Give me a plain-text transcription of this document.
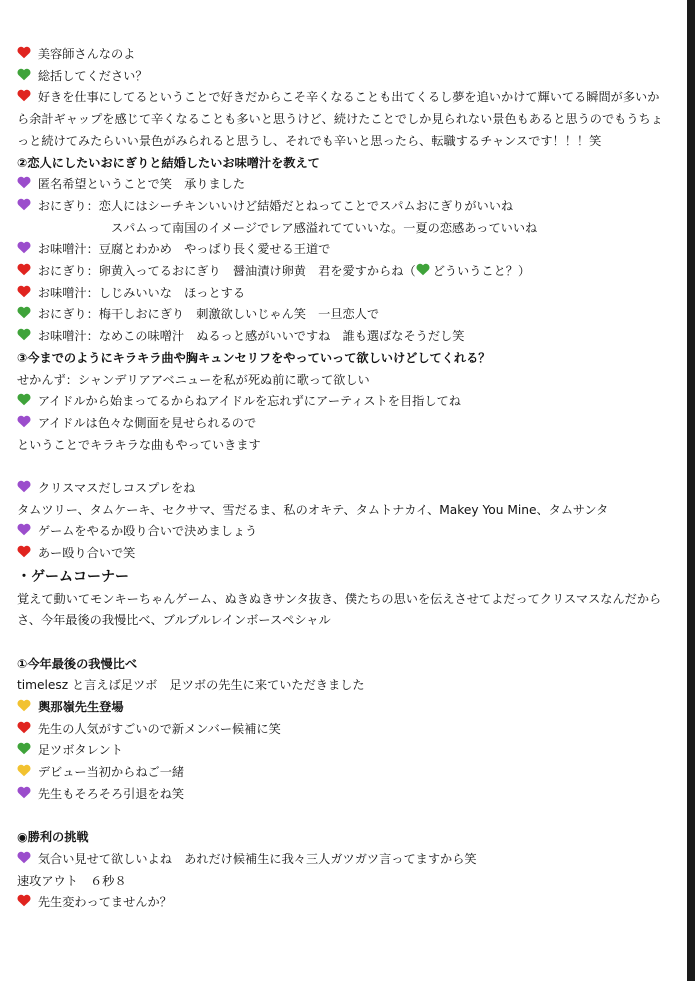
美容師さんなのよ

総括してください？

好きを仕事にしてるということで好きだからこそ辛くなることも出てくるし夢を追いかけて輝いてる瞬間が多いから余計ギャップを感じて辛くなることも多いと思うけど、続けたことでしか見られない景色もあると思うのでもうちょっと続けてみたらいい景色がみられると思うし、それでも辛いと思ったら、転職するチャンスです！！！笑

②恋人にしたいおにぎりと結婚したいお味噌汁を教えて

匿名希望ということで笑　承りました

おにぎり：恋人にはシーチキンいいけど結婚だとねってことでスパムおにぎりがいいね

スパムって南国のイメージでレア感溢れてていいな。一夏の恋感あっていいね

お味噌汁：豆腐とわかめ　やっぱり長く愛せる王道で

おにぎり：卵黄入ってるおにぎり　醤油漬け卵黄　君を愛すからね（ どういうこと？）

お味噌汁：しじみいいな　ほっとする

おにぎり：梅干しおにぎり　刺激欲しいじゃん笑　一旦恋人で

お味噌汁：なめこの味噌汁　ぬるっと感がいいですね　誰も選ばなそうだし笑

③今までのようにキラキラ曲や胸キュンセリフをやっていって欲しいけどしてくれる？

せかんず：シャンデリアアベニューを私が死ぬ前に歌って欲しい

アイドルから始まってるからねアイドルを忘れずにアーティストを目指してね

アイドルは色々な側面を見せられるので

ということでキラキラな曲もやっていきます

クリスマスだしコスプレをね

タムツリー、タムケーキ、セクサマ、雪だるま、私のオキテ、タムトナカイ、Makey You Mine、タムサンタ

ゲームをやるか殴り合いで決めましょう

あー殴り合いで笑

・ゲームコーナー

覚えて動いてモンキーちゃんゲーム、ぬきぬきサンタ抜き、僕たちの思いを伝えさせてよだってクリスマスなんだからさ、今年最後の我慢比べ、ブルブルレインボースペシャル

①今年最後の我慢比べ

timelesz と言えば足ツボ　足ツボの先生に来ていただきました

輿那嶺先生登場

先生の人気がすごいので新メンバー候補に笑

足ツボタレント

デビュー当初からねご一緒

先生もそろそろ引退をね笑

◉勝利の挑戦

気合い見せて欲しいよね　あれだけ候補生に我々三人ガツガツ言ってますから笑

速攻アウト　６秒８

先生変わってませんか？
